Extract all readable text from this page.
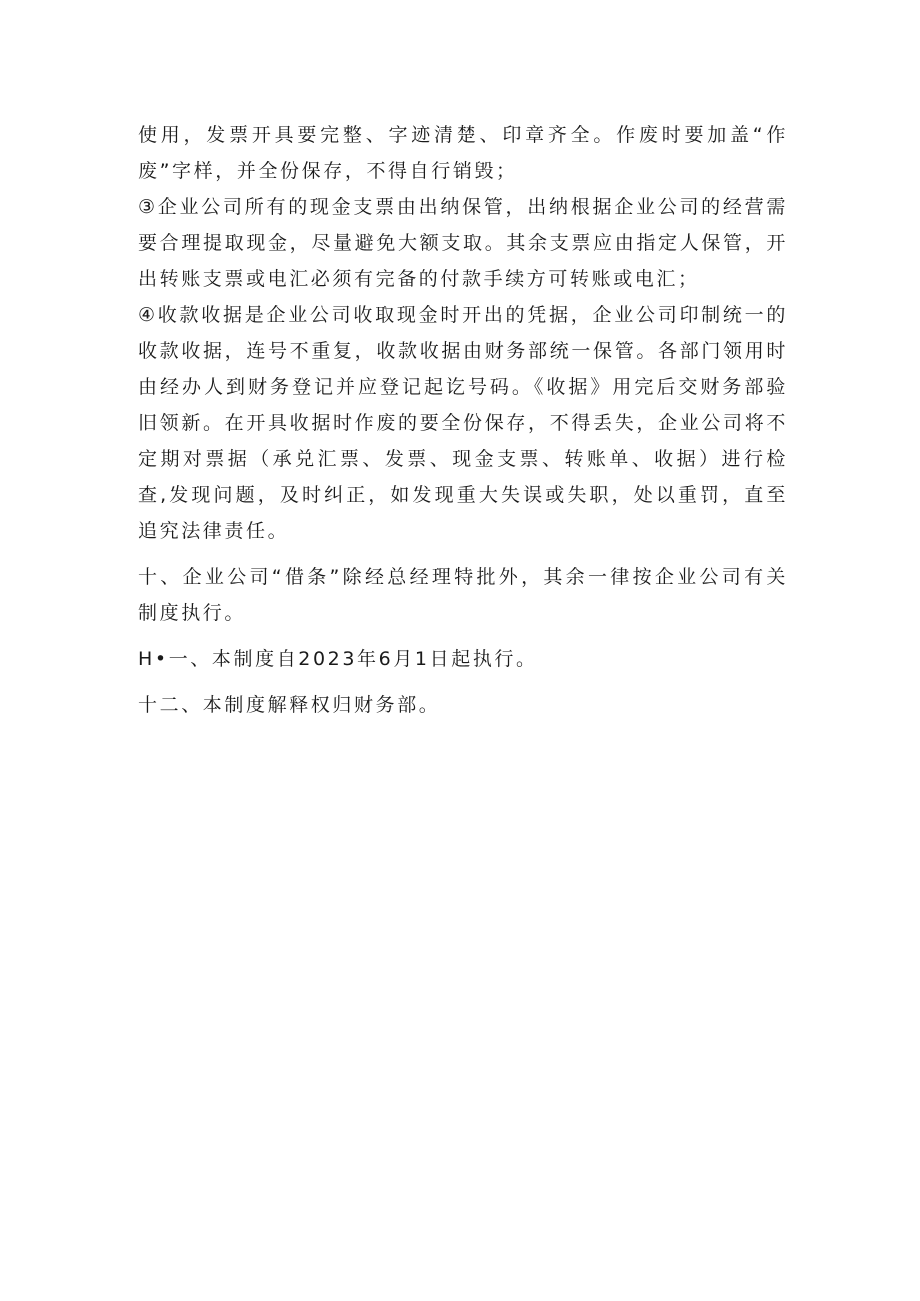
使用，发票开具要完整、字迹清楚、印章齐全。作废时要加盖“作废”字样，并全份保存，不得自行销毁；

③企业公司所有的现金支票由出纳保管，出纳根据企业公司的经营需要合理提取现金，尽量避免大额支取。其余支票应由指定人保管，开出转账支票或电汇必须有完备的付款手续方可转账或电汇；

④收款收据是企业公司收取现金时开出的凭据，企业公司印制统一的收款收据，连号不重复，收款收据由财务部统一保管。各部门领用时由经办人到财务登记并应登记起讫号码。《收据》用完后交财务部验旧领新。在开具收据时作废的要全份保存，不得丢失，企业公司将不定期对票据（承兑汇票、发票、现金支票、转账单、收据）进行检查,发现问题，及时纠正，如发现重大失误或失职，处以重罚，直至追究法律责任。

十、企业公司“借条”除经总经理特批外，其余一律按企业公司有关制度执行。

H•一、本制度自2023年6月1日起执行。

十二、本制度解释权归财务部。
